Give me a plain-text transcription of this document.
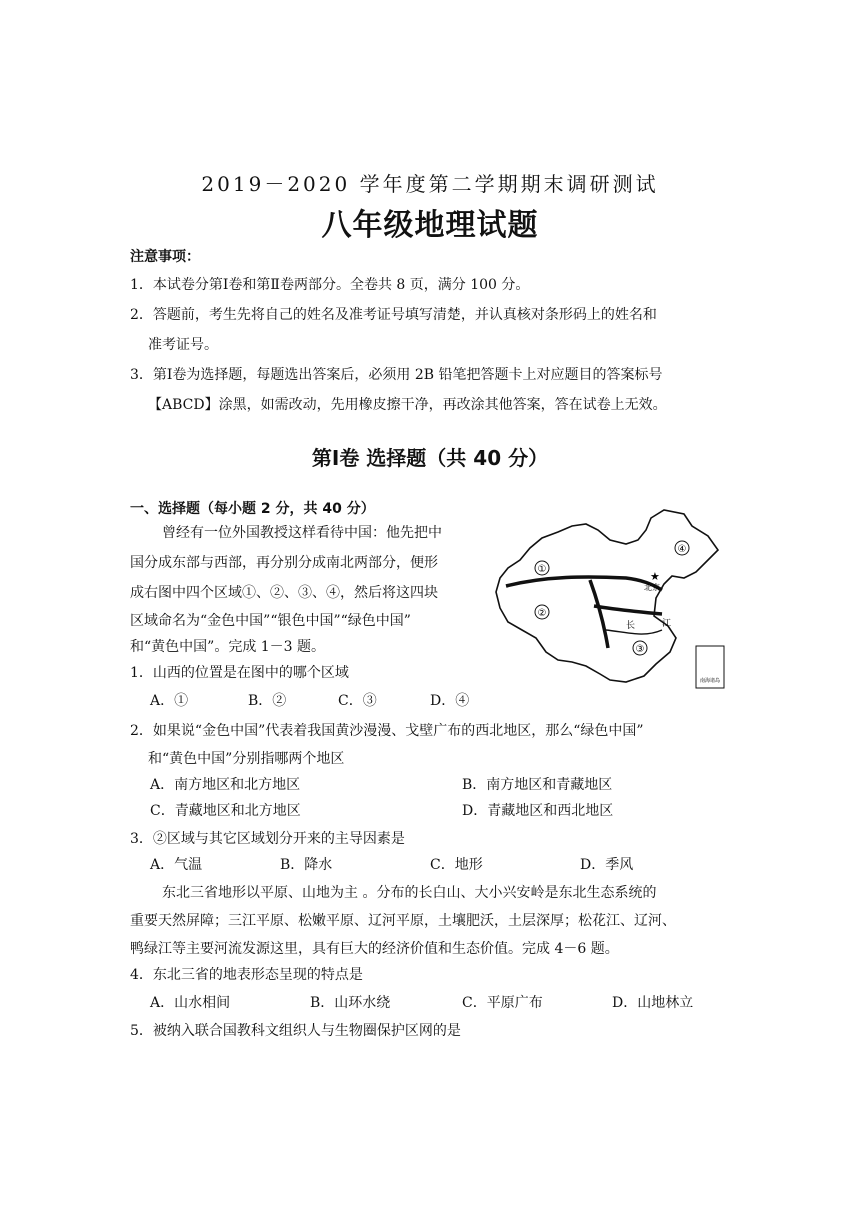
2019－2020 学年度第二学期期末调研测试
八年级地理试题
注意事项：
1．本试卷分第Ⅰ卷和第Ⅱ卷两部分。全卷共 8 页，满分 100 分。
2．答题前，考生先将自己的姓名及准考证号填写清楚，并认真核对条形码上的姓名和
准考证号。
3．第Ⅰ卷为选择题，每题选出答案后，必须用 2B 铅笔把答题卡上对应题目的答案标号
【ABCD】涂黑，如需改动，先用橡皮擦干净，再改涂其他答案，答在试卷上无效。
第Ⅰ卷 选择题（共 40 分）
一、选择题（每小题 2 分，共 40 分）
曾经有一位外国教授这样看待中国：他先把中
国分成东部与西部，再分别分成南北两部分，便形
成右图中四个区域①、②、③、④，然后将这四块
区域命名为“金色中国”“银色中国”“绿色中国”
和“黄色中国”。完成 1－3 题。
①
②
③
④
★
北京
长	江
南海诸岛
1．山西的位置是在图中的哪个区域
A．①	B．②	C．③	D．④
2．如果说“金色中国”代表着我国黄沙漫漫、戈壁广布的西北地区，那么“绿色中国”
和“黄色中国”分别指哪两个地区
A．南方地区和北方地区	B．南方地区和青藏地区
C．青藏地区和北方地区	D．青藏地区和西北地区
3．②区域与其它区域划分开来的主导因素是
A．气温	B．降水	C．地形	D．季风
东北三省地形以平原、山地为主 。分布的长白山、大小兴安岭是东北生态系统的
重要天然屏障；三江平原、松嫩平原、辽河平原，土壤肥沃，土层深厚；松花江、辽河、
鸭绿江等主要河流发源这里，具有巨大的经济价值和生态价值。完成 4－6 题。
4．东北三省的地表形态呈现的特点是
A．山水相间	B．山环水绕	C．平原广布	D．山地林立
5．被纳入联合国教科文组织人与生物圈保护区网的是
